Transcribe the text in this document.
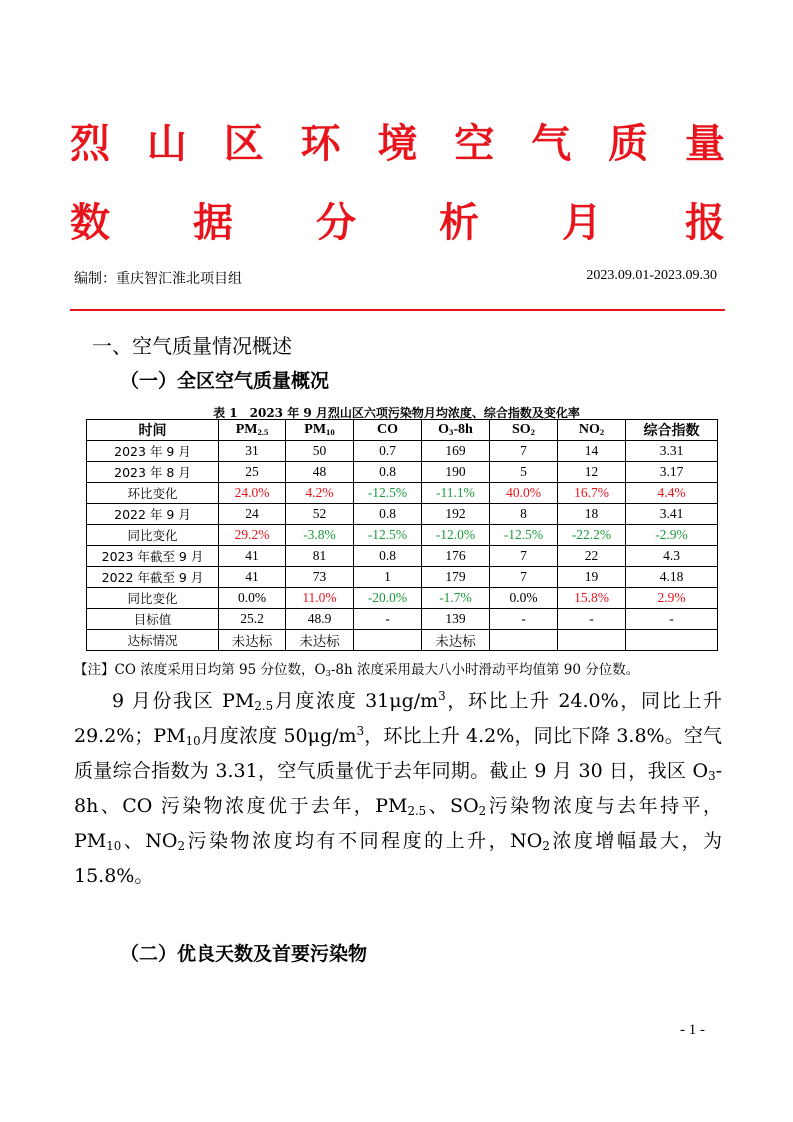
烈 山 区 环 境 空 气 质 量
数 据 分 析 月 报
编制：重庆智汇淮北项目组	2023.09.01-2023.09.30
一、空气质量情况概述
（一）全区空气质量概况
表 1　2023 年 9 月烈山区六项污染物月均浓度、综合指数及变化率
时间	$PM_{2.5}$	$PM_{10}$	CO	$O_3-8h$	$SO_2$	$NO_2$	综合指数
2023 年 9 月	31	50	0.7	169	7	14	3.31
2023 年 8 月	25	48	0.8	190	5	12	3.17
环比变化	24.0%	4.2%	-12.5%	-11.1%	40.0%	16.7%	4.4%
2022 年 9 月	24	52	0.8	192	8	18	3.41
同比变化	29.2%	-3.8%	-12.5%	-12.0%	-12.5%	-22.2%	-2.9%
2023 年截至 9 月	41	81	0.8	176	7	22	4.3
2022 年截至 9 月	41	73	1	179	7	19	4.18
同比变化	0.0%	11.0%	-20.0%	-1.7%	0.0%	15.8%	2.9%
目标值	25.2	48.9	-	139	-	-	-
达标情况	未达标	未达标		未达标			
【注】CO 浓度采用日均第 95 分位数，$O_3-8h$ 浓度采用最大八小时滑动平均值第 90 分位数。

9 月份我区 $PM_{2.5}$月度浓度 $31\mu g/m^3$，环比上升 24.0%，同比上升 29.2%；$PM_{10}$月度浓度 $50\mu g/m^3$，环比上升 4.2%，同比下降 3.8%。空气质量综合指数为 3.31，空气质量优于去年同期。截止 9 月 30 日，我区 $O_3-8h$、CO 污染物浓度优于去年，$PM_{2.5}$、$SO_2$污染物浓度与去年持平，$PM_{10}$、$NO_2$污染物浓度均有不同程度的上升，$NO_2$浓度增幅最大，为 15.8%。

（二）优良天数及首要污染物
- 1 -
